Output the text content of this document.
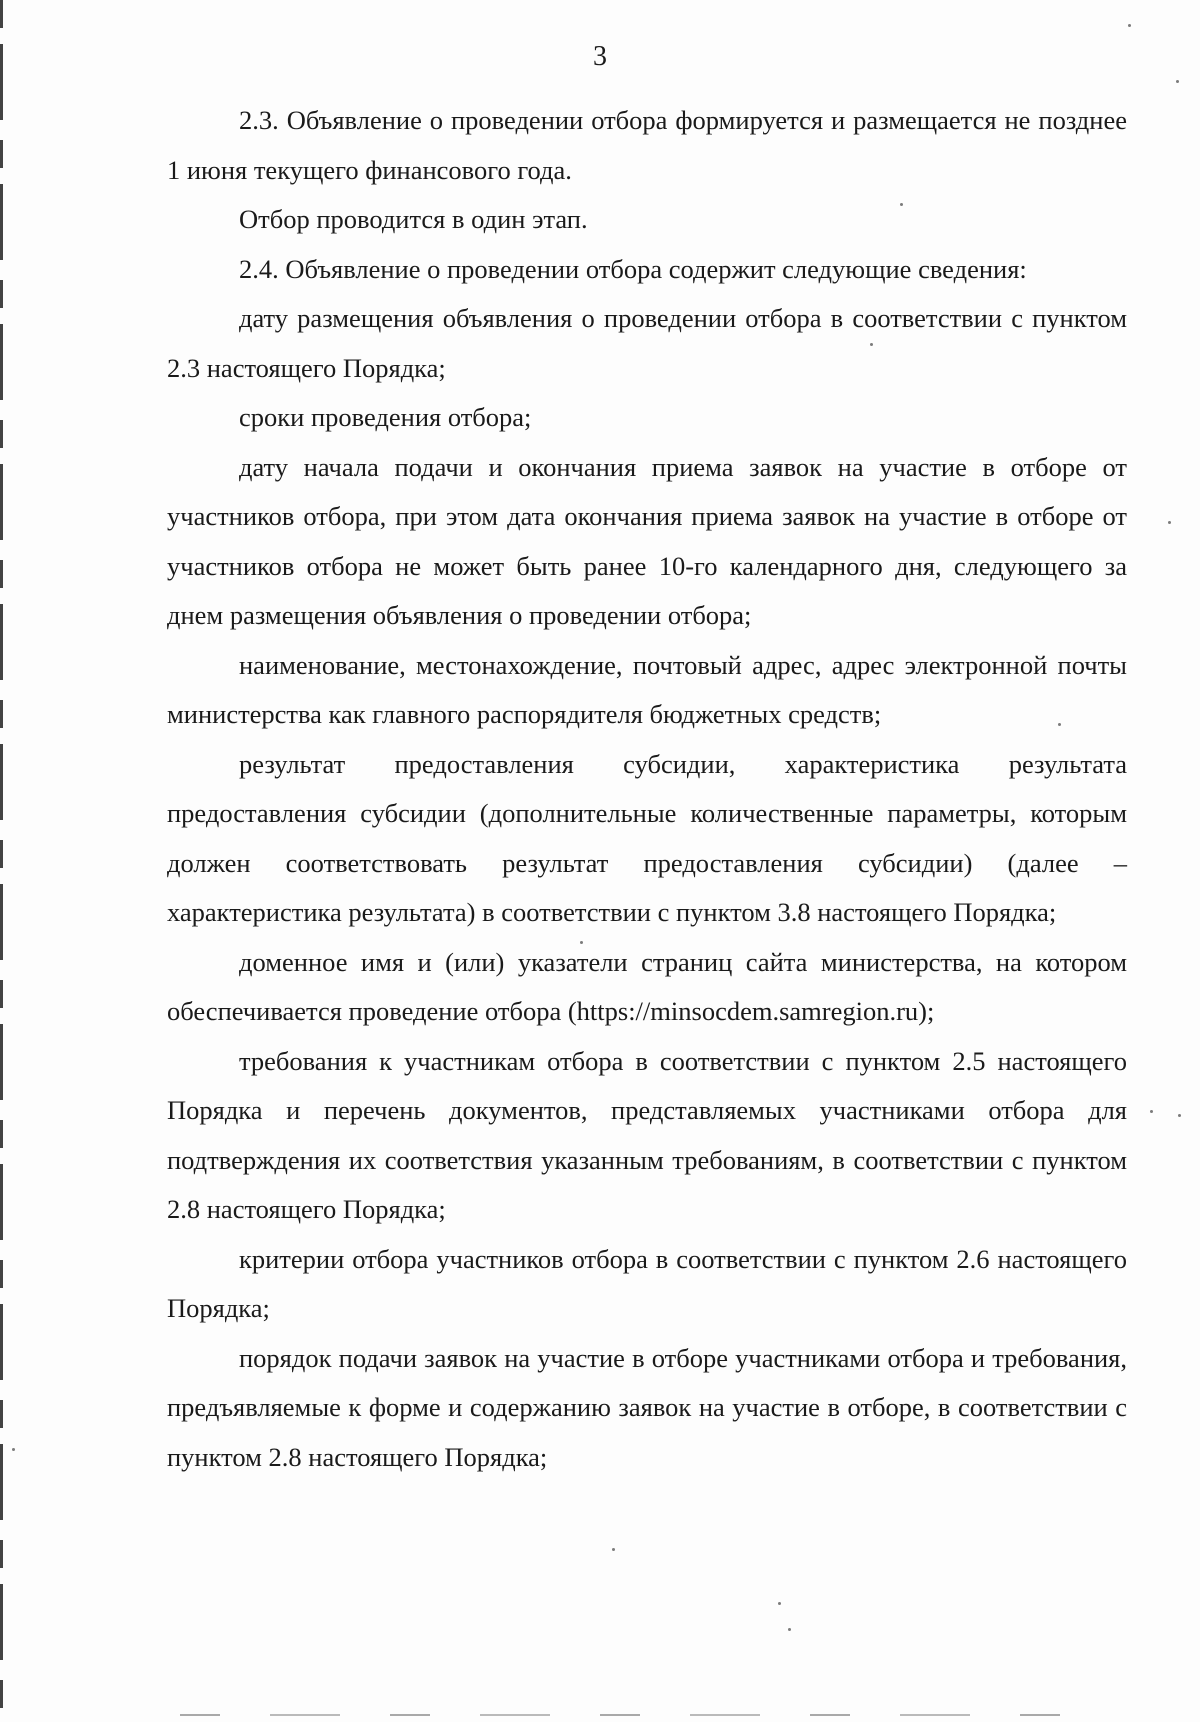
3

2.3. Объявление о проведении отбора формируется и размещается не позднее 1 июня текущего финансового года.

Отбор проводится в один этап.

2.4. Объявление о проведении отбора содержит следующие сведения:

дату размещения объявления о проведении отбора в соответствии с пунктом 2.3 настоящего Порядка;

сроки проведения отбора;

дату начала подачи и окончания приема заявок на участие в отборе от участников отбора, при этом дата окончания приема заявок на участие в отборе от участников отбора не может быть ранее 10-го календарного дня, следующего за днем размещения объявления о проведении отбора;

наименование, местонахождение, почтовый адрес, адрес электронной почты министерства как главного распорядителя бюджетных средств;

результат предоставления субсидии, характеристика результата предоставления субсидии (дополнительные количественные параметры, которым должен соответствовать результат предоставления субсидии) (далее – характеристика результата) в соответствии с пунктом 3.8 настоящего Порядка;

доменное имя и (или) указатели страниц сайта министерства, на котором обеспечивается проведение отбора (https://minsocdem.samregion.ru);

требования к участникам отбора в соответствии с пунктом 2.5 настоящего Порядка и перечень документов, представляемых участниками отбора для подтверждения их соответствия указанным требованиям, в соответствии с пунктом 2.8 настоящего Порядка;

критерии отбора участников отбора в соответствии с пунктом 2.6 настоящего Порядка;

порядок подачи заявок на участие в отборе участниками отбора и требования, предъявляемые к форме и содержанию заявок на участие в отборе, в соответствии с пунктом 2.8 настоящего Порядка;
